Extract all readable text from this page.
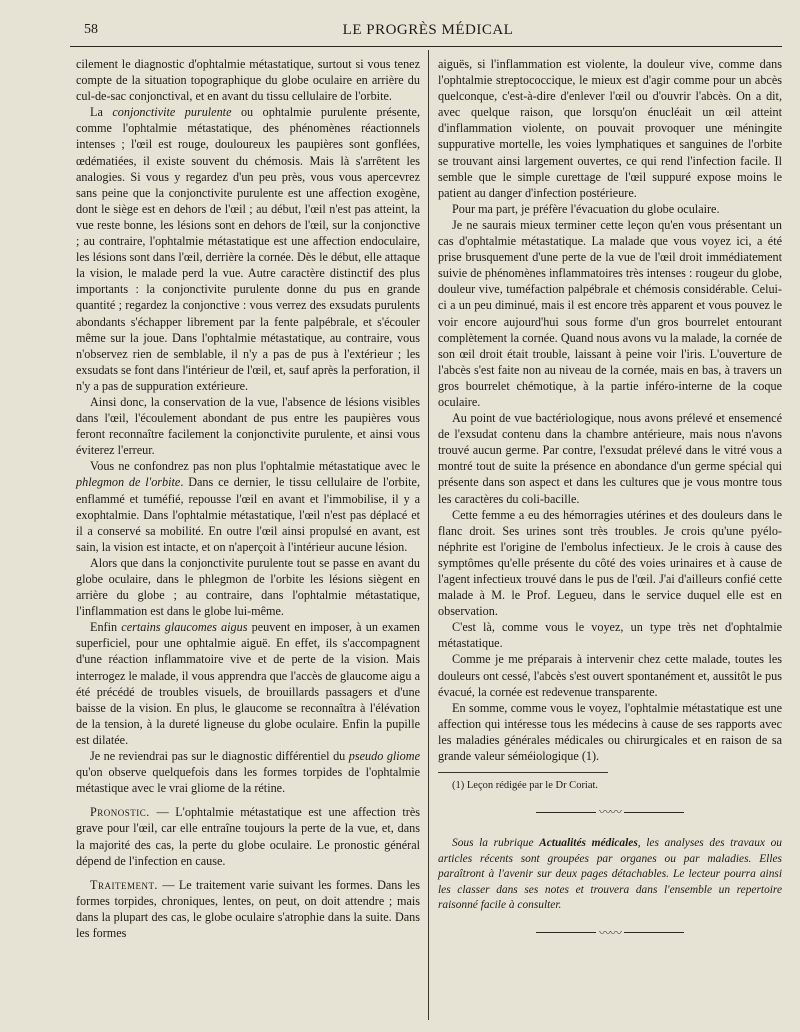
58	LE PROGRÈS MÉDICAL

cilement le diagnostic d'ophtalmie métastatique, surtout si vous tenez compte de la situation topographique du globe oculaire en arrière du cul-de-sac conjonctival, et en avant du tissu cellulaire de l'orbite.

La conjonctivite purulente ou ophtalmie purulente présente, comme l'ophtalmie métastatique, des phénomènes réactionnels intenses ; l'œil est rouge, douloureux les paupières sont gonflées, œdématiées, il existe souvent du chémosis. Mais là s'arrêtent les analogies. Si vous y regardez d'un peu près, vous vous apercevrez sans peine que la conjonctivite purulente est une affection exogène, dont le siège est en dehors de l'œil ; au début, l'œil n'est pas atteint, la vue reste bonne, les lésions sont en dehors de l'œil, sur la conjonctive ; au contraire, l'ophtalmie métastatique est une affection endoculaire, les lésions sont dans l'œil, derrière la cornée. Dès le début, elle attaque la vision, le malade perd la vue. Autre caractère distinctif des plus importants : la conjonctivite purulente donne du pus en grande quantité ; regardez la conjonctive : vous verrez des exsudats purulents abondants s'échapper librement par la fente palpébrale, et s'écouler même sur la joue. Dans l'ophtalmie métastatique, au contraire, vous n'observez rien de semblable, il n'y a pas de pus à l'extérieur ; les exsudats se font dans l'intérieur de l'œil, et, sauf après la perforation, il n'y a pas de suppuration extérieure.

Ainsi donc, la conservation de la vue, l'absence de lésions visibles dans l'œil, l'écoulement abondant de pus entre les paupières vous feront reconnaître facilement la conjonctivite purulente, et ainsi vous éviterez l'erreur.

Vous ne confondrez pas non plus l'ophtalmie métastatique avec le phlegmon de l'orbite. Dans ce dernier, le tissu cellulaire de l'orbite, enflammé et tuméfié, repousse l'œil en avant et l'immobilise, il y a exophtalmie. Dans l'ophtalmie métastatique, l'œil n'est pas déplacé et il a conservé sa mobilité. En outre l'œil ainsi propulsé en avant, est sain, la vision est intacte, et on n'aperçoit à l'intérieur aucune lésion.

Alors que dans la conjonctivite purulente tout se passe en avant du globe oculaire, dans le phlegmon de l'orbite les lésions siègent en arrière du globe ; au contraire, dans l'ophtalmie métastatique, l'inflammation est dans le globe lui-même.

Enfin certains glaucomes aigus peuvent en imposer, à un examen superficiel, pour une ophtalmie aiguë. En effet, ils s'accompagnent d'une réaction inflammatoire vive et de perte de la vision. Mais interrogez le malade, il vous apprendra que l'accès de glaucome aigu a été précédé de troubles visuels, de brouillards passagers et d'une baisse de la vision. En plus, le glaucome se reconnaîtra à l'élévation de la tension, à la dureté ligneuse du globe oculaire. Enfin la pupille est dilatée.

Je ne reviendrai pas sur le diagnostic différentiel du pseudo gliome qu'on observe quelquefois dans les formes torpides de l'ophtalmie métastique avec le vrai gliome de la rétine.

Pronostic. — L'ophtalmie métastatique est une affection très grave pour l'œil, car elle entraîne toujours la perte de la vue, et, dans la majorité des cas, la perte du globe oculaire. Le pronostic général dépend de l'infection en cause.

Traitement. — Le traitement varie suivant les formes. Dans les formes torpides, chroniques, lentes, on peut, on doit attendre ; mais dans la plupart des cas, le globe oculaire s'atrophie dans la suite. Dans les formes

aiguës, si l'inflammation est violente, la douleur vive, comme dans l'ophtalmie streptococcique, le mieux est d'agir comme pour un abcès quelconque, c'est-à-dire d'enlever l'œil ou d'ouvrir l'abcès. On a dit, avec quelque raison, que lorsqu'on énucléait un œil atteint d'inflammation violente, on pouvait provoquer une méningite suppurative mortelle, les voies lymphatiques et sanguines de l'orbite se trouvant ainsi largement ouvertes, ce qui rend l'infection facile. Il semble que le simple curettage de l'œil suppuré expose moins le patient au danger d'infection postérieure.

Pour ma part, je préfère l'évacuation du globe oculaire.

Je ne saurais mieux terminer cette leçon qu'en vous présentant un cas d'ophtalmie métastatique. La malade que vous voyez ici, a été prise brusquement d'une perte de la vue de l'œil droit immédiatement suivie de phénomènes inflammatoires très intenses : rougeur du globe, douleur vive, tuméfaction palpébrale et chémosis considérable. Celui-ci a un peu diminué, mais il est encore très apparent et vous pouvez le voir encore aujourd'hui sous forme d'un gros bourrelet entourant complètement la cornée. Quand nous avons vu la malade, la cornée de son œil droit était trouble, laissant à peine voir l'iris. L'ouverture de l'abcès s'est faite non au niveau de la cornée, mais en bas, à travers un gros bourrelet chémotique, à la partie inféro-interne de la coque oculaire.

Au point de vue bactériologique, nous avons prélevé et ensemencé de l'exsudat contenu dans la chambre antérieure, mais nous n'avons trouvé aucun germe. Par contre, l'exsudat prélevé dans le vitré vous a montré tout de suite la présence en abondance d'un germe spécial qui présente dans son aspect et dans les cultures que je vous montre tous les caractères du coli-bacille.

Cette femme a eu des hémorragies utérines et des douleurs dans le flanc droit. Ses urines sont très troubles. Je crois qu'une pyélo-néphrite est l'origine de l'embolus infectieux. Je le crois à cause des symptômes qu'elle présente du côté des voies urinaires et à cause de l'agent infectieux trouvé dans le pus de l'œil. J'ai d'ailleurs confié cette malade à M. le Prof. Legueu, dans le service duquel elle est en observation.

C'est là, comme vous le voyez, un type très net d'ophtalmie métastatique.

Comme je me préparais à intervenir chez cette malade, toutes les douleurs ont cessé, l'abcès s'est ouvert spontanément et, aussitôt le pus évacué, la cornée est redevenue transparente.

En somme, comme vous le voyez, l'ophtalmie métastatique est une affection qui intéresse tous les médecins à cause de ses rapports avec les maladies générales médicales ou chirurgicales et en raison de sa grande valeur séméiologique (1).

(1) Leçon rédigée par le Dr Coriat.

〰〰

Sous la rubrique Actualités médicales, les analyses des travaux ou articles récents sont groupées par organes ou par maladies. Elles paraîtront à l'avenir sur deux pages détachables. Le lecteur pourra ainsi les classer dans ses notes et trouvera dans l'ensemble un repertoire raisonné facile à consulter.

〰〰
